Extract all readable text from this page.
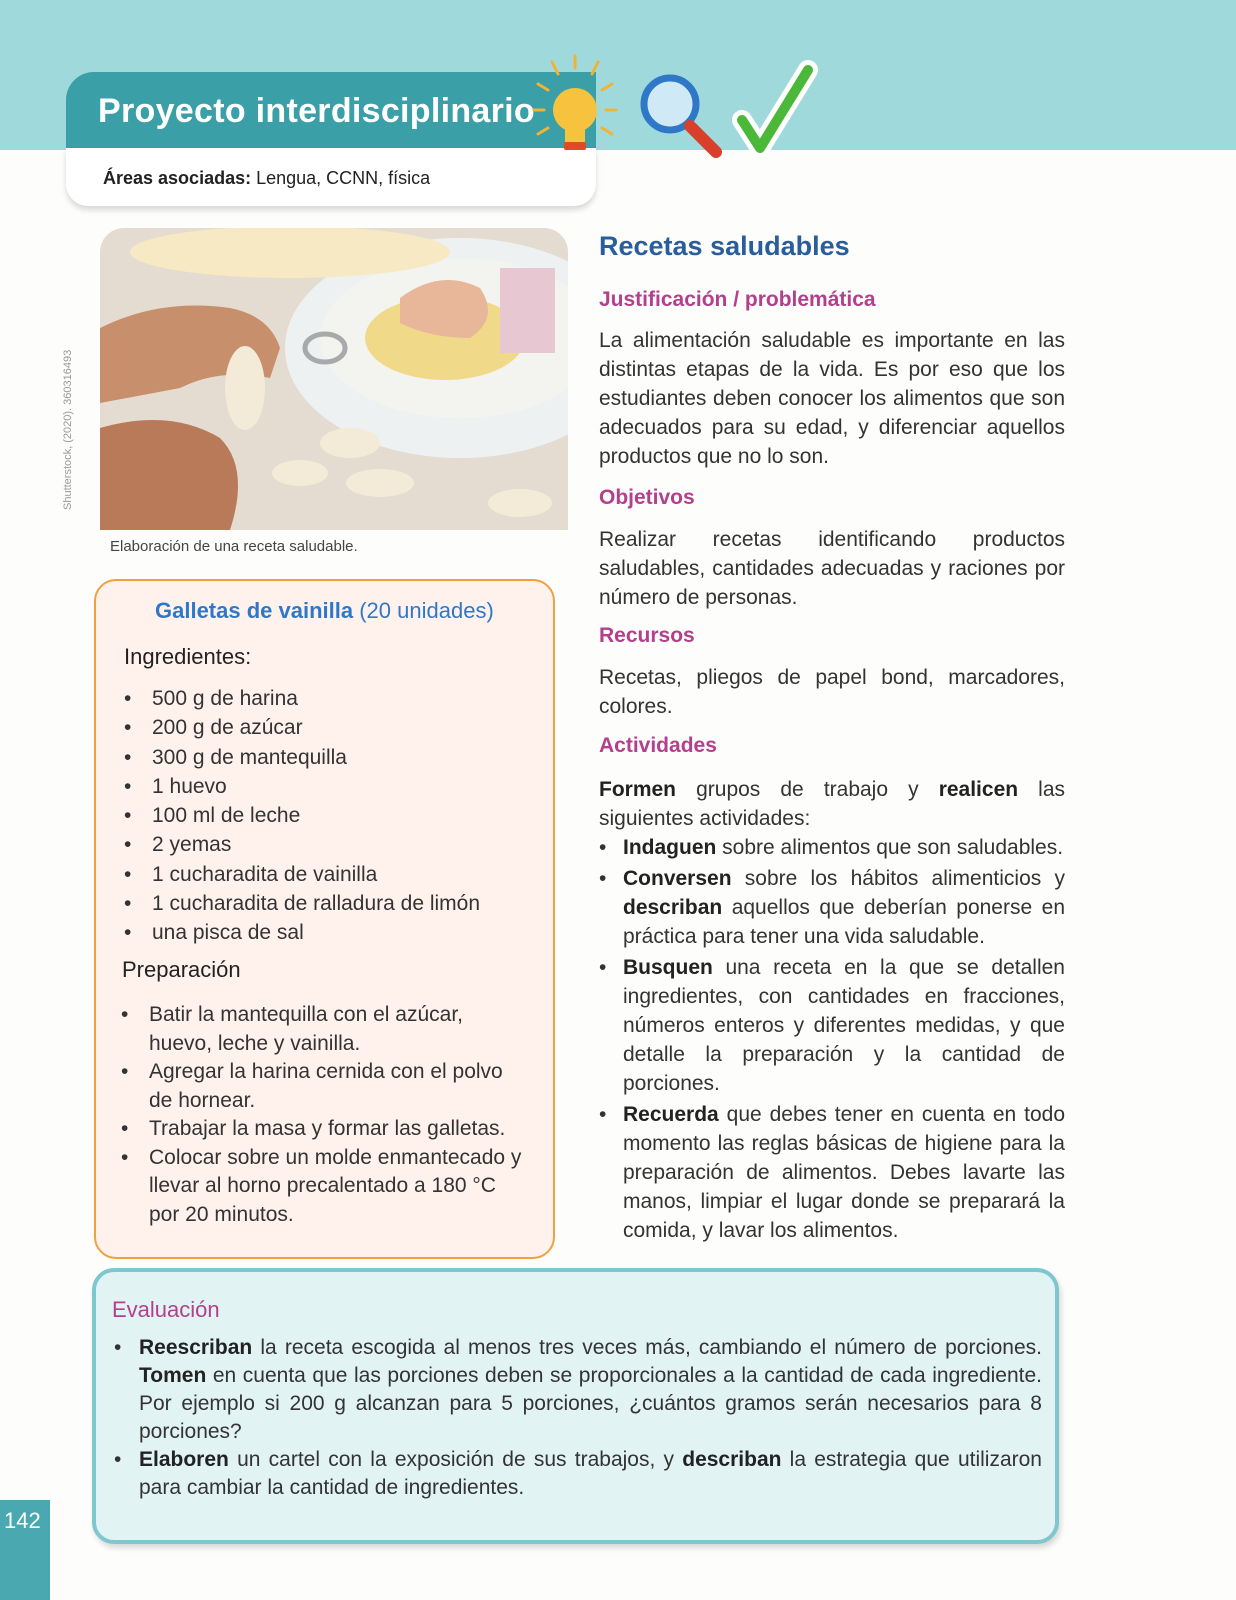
Proyecto interdisciplinario
Áreas asociadas: Lengua, CCNN, física
Shutterstock, (2020). 360316493
Elaboración de una receta saludable.
Galletas de vainilla (20 unidades)
Ingredientes:
• 500 g de harina
• 200 g de azúcar
• 300 g de mantequilla
• 1 huevo
• 100 ml de leche
• 2 yemas
• 1 cucharadita de vainilla
• 1 cucharadita de ralladura de limón
• una pisca de sal
Preparación
• Batir la mantequilla con el azúcar, huevo, leche y vainilla.
• Agregar la harina cernida con el polvo de hornear.
• Trabajar la masa y formar las galletas.
• Colocar sobre un molde enmantecado y llevar al horno precalentado a 180 °C por 20 minutos.
Recetas saludables
Justificación / problemática

La alimentación saludable es importante en las distintas etapas de la vida. Es por eso que los estudiantes deben conocer los alimentos que son adecuados para su edad, y diferenciar aquellos productos que no lo son.

Objetivos

Realizar recetas identificando productos saludables, cantidades adecuadas y raciones por número de personas.

Recursos

Recetas, pliegos de papel bond, marcadores, colores.

Actividades

Formen grupos de trabajo y realicen las siguientes actividades:

• Indaguen sobre alimentos que son saludables.
• Conversen sobre los hábitos alimenticios y describan aquellos que deberían ponerse en práctica para tener una vida saludable.
• Busquen una receta en la que se detallen ingredientes, con cantidades en fracciones, números enteros y diferentes medidas, y que detalle la preparación y la cantidad de porciones.
• Recuerda que debes tener en cuenta en todo momento las reglas básicas de higiene para la preparación de alimentos. Debes lavarte las manos, limpiar el lugar donde se preparará la comida, y lavar los alimentos.
Evaluación
• Reescriban la receta escogida al menos tres veces más, cambiando el número de porciones. Tomen en cuenta que las porciones deben se proporcionales a la cantidad de cada ingrediente. Por ejemplo si 200 g alcanzan para 5 porciones, ¿cuántos gramos serán necesarios para 8 porciones?
• Elaboren un cartel con la exposición de sus trabajos, y describan la estrategia que utilizaron para cambiar la cantidad de ingredientes.
142
